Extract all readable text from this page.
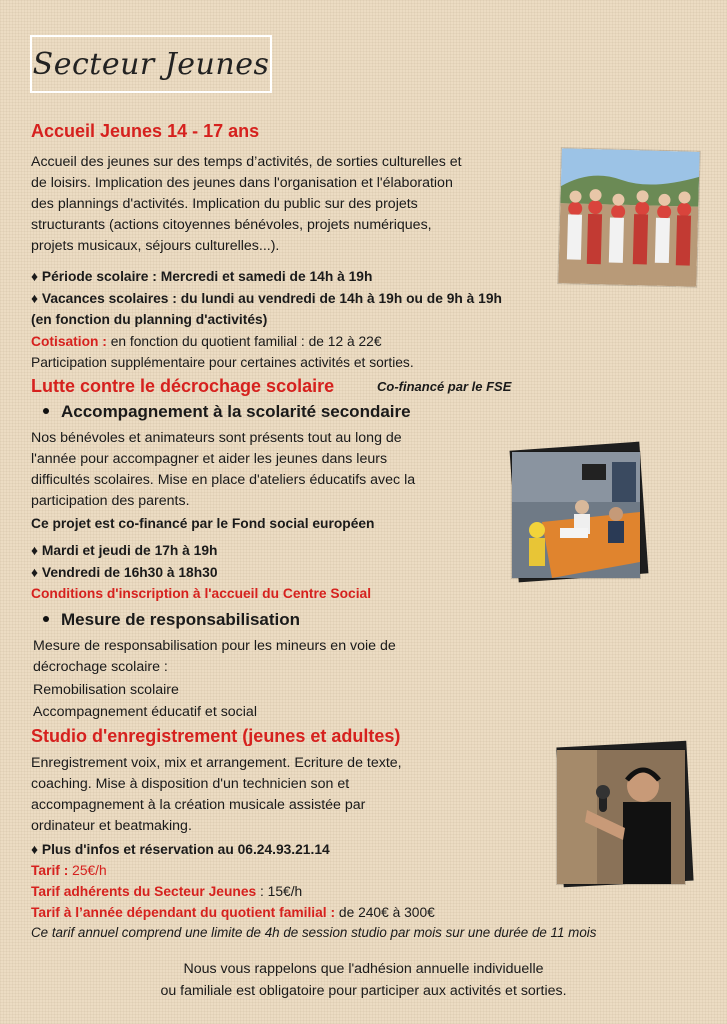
Secteur Jeunes
Accueil Jeunes 14 - 17 ans
Accueil des jeunes sur des temps d’activités, de sorties culturelles et
de loisirs. Implication des jeunes dans l'organisation et l'élaboration
des plannings d'activités. Implication du public sur des projets
structurants (actions citoyennes bénévoles, projets numériques,
projets musicaux, séjours culturelles...).
♦ Période scolaire : Mercredi et samedi de 14h à 19h
♦ Vacances scolaires : du lundi au vendredi de 14h à 19h ou de 9h à 19h
(en fonction du planning d'activités)
Cotisation : en fonction du quotient familial : de 12 à 22€
Participation supplémentaire pour certaines activités et sorties.
Lutte contre le décrochage scolaire	Co-financé par le FSE
Accompagnement à la scolarité secondaire
Nos bénévoles et animateurs sont présents tout au long de
l'année pour accompagner et aider les jeunes dans leurs
difficultés scolaires. Mise en place d'ateliers éducatifs avec la
participation des parents.
Ce projet est co-financé par le Fond social européen
♦ Mardi et jeudi de 17h à 19h
♦ Vendredi de 16h30 à 18h30
Conditions d'inscription à l'accueil du Centre Social
Mesure de responsabilisation
Mesure de responsabilisation pour les mineurs en voie de
décrochage scolaire :
Remobilisation scolaire
Accompagnement éducatif et social
Studio d'enregistrement (jeunes et adultes)
Enregistrement voix, mix et arrangement. Ecriture de texte,
coaching. Mise à disposition d'un technicien son et
accompagnement à la création musicale assistée par
ordinateur et beatmaking.
♦ Plus d'infos et réservation au 06.24.93.21.14
Tarif : 25€/h
Tarif adhérents du Secteur Jeunes : 15€/h
Tarif à l’année dépendant du quotient familial : de 240€ à 300€
Ce tarif annuel comprend une limite de 4h de session studio par mois sur une durée de 11 mois
Nous vous rappelons que l'adhésion annuelle individuelle
ou familiale est obligatoire pour participer aux activités et sorties.
